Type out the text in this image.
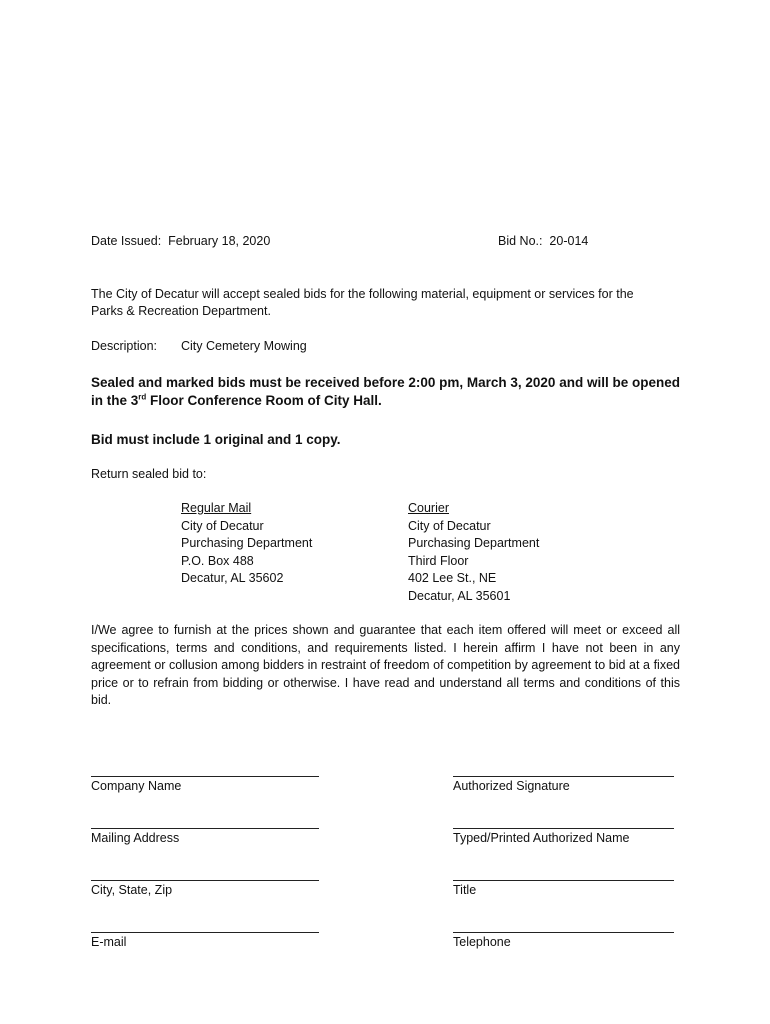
Date Issued: February 18, 2020	Bid No.: 20-014
The City of Decatur will accept sealed bids for the following material, equipment or services for the
Parks & Recreation Department.
Description: City Cemetery Mowing
Sealed and marked bids must be received before 2:00 pm, March 3, 2020 and will be opened
in the 3rd Floor Conference Room of City Hall.
Bid must include 1 original and 1 copy.
Return sealed bid to:
Regular Mail
City of Decatur
Purchasing Department
P.O. Box 488
Decatur, AL 35602
Courier
City of Decatur
Purchasing Department
Third Floor
402 Lee St., NE
Decatur, AL 35601
I/We agree to furnish at the prices shown and guarantee that each item offered will meet or exceed all specifications, terms and conditions, and requirements listed. I herein affirm I have not been in any agreement or collusion among bidders in restraint of freedom of competition by agreement to bid at a fixed price or to refrain from bidding or otherwise. I have read and understand all terms and conditions of this bid.
Company Name
Mailing Address
City, State, Zip
E-mail
Authorized Signature
Typed/Printed Authorized Name
Title
Telephone
